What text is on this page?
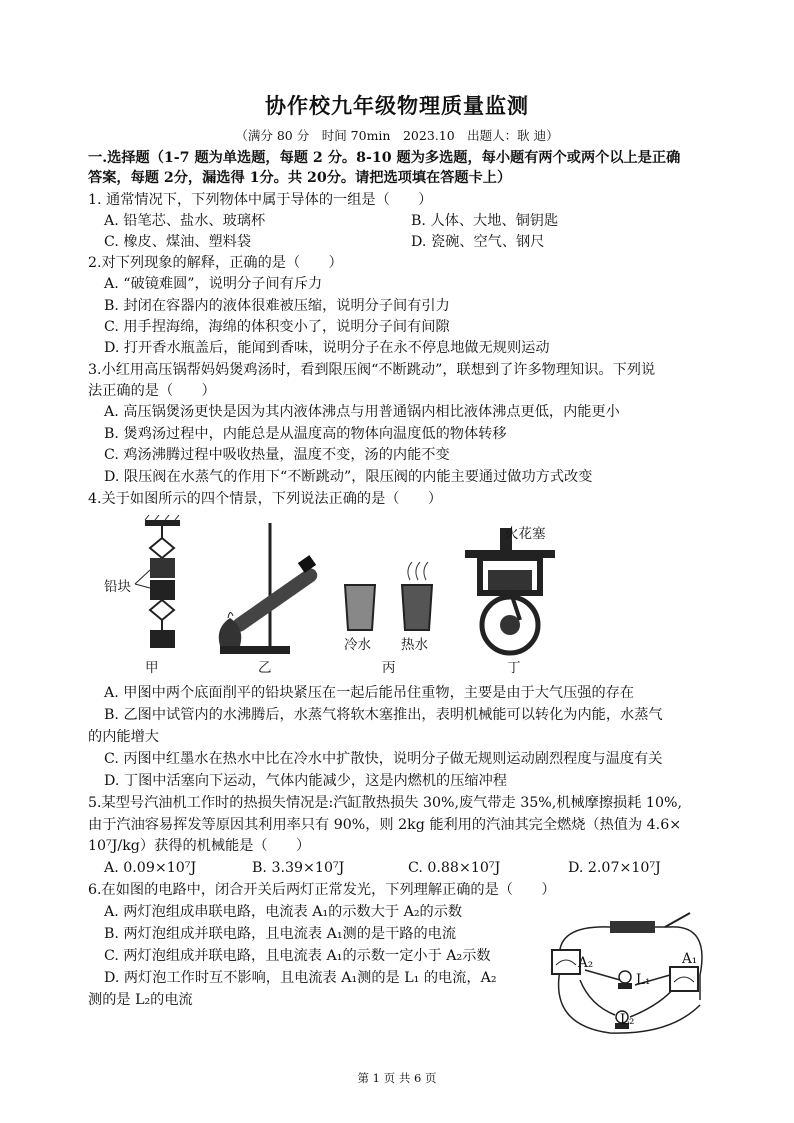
协作校九年级物理质量监测
（满分 80 分　时间 70min　2023.10　出题人：耿 迪）
一.选择题（1-7 题为单选题，每题 2 分。8-10 题为多选题，每小题有两个或两个以上是正确
答案，每题 2分，漏选得 1分。共 20分。请把选项填在答题卡上）
1. 通常情况下，下列物体中属于导体的一组是（　　）
A. 铅笔芯、盐水、玻璃杯	B. 人体、大地、铜钥匙
C. 橡皮、煤油、塑料袋	D. 瓷碗、空气、钢尺
2.对下列现象的解释，正确的是（　　）
A. “破镜难圆”，说明分子间有斥力
B. 封闭在容器内的液体很难被压缩，说明分子间有引力
C. 用手捏海绵，海绵的体积变小了，说明分子间有间隙
D. 打开香水瓶盖后，能闻到香味，说明分子在永不停息地做无规则运动
3.小红用高压锅帮妈妈煲鸡汤时，看到限压阀“不断跳动”，联想到了许多物理知识。下列说
法正确的是（　　）
A. 高压锅煲汤更快是因为其内液体沸点与用普通锅内相比液体沸点更低，内能更小
B. 煲鸡汤过程中，内能总是从温度高的物体向温度低的物体转移
C. 鸡汤沸腾过程中吸收热量，温度不变，汤的内能不变
D. 限压阀在水蒸气的作用下“不断跳动”，限压阀的内能主要通过做功方式改变
4.关于如图所示的四个情景，下列说法正确的是（　　）
铅块
甲	乙
冷水 热水
丙
火花塞
丁
A. 甲图中两个底面削平的铅块紧压在一起后能吊住重物，主要是由于大气压强的存在
B. 乙图中试管内的水沸腾后，水蒸气将软木塞推出，表明机械能可以转化为内能，水蒸气
的内能增大
C. 丙图中红墨水在热水中比在冷水中扩散快，说明分子做无规则运动剧烈程度与温度有关
D. 丁图中活塞向下运动，气体内能减少，这是内燃机的压缩冲程
5.某型号汽油机工作时的热损失情况是:汽缸散热损失 30%,废气带走 35%,机械摩擦损耗 10%,
由于汽油容易挥发等原因其利用率只有 90%，则 2kg 能利用的汽油其完全燃烧（热值为 4.6×
10⁷J/kg）获得的机械能是（　　）
A. 0.09×10⁷J	B. 3.39×10⁷J	C. 0.88×10⁷J	D. 2.07×10⁷J
6.在如图的电路中，闭合开关后两灯正常发光，下列理解正确的是（　　）
A. 两灯泡组成串联电路，电流表 A₁的示数大于 A₂的示数
B. 两灯泡组成并联电路，且电流表 A₁测的是干路的电流
C. 两灯泡组成并联电路，且电流表 A₁的示数一定小于 A₂示数
D. 两灯泡工作时互不影响，且电流表 A₁测的是 L₁ 的电流，A₂
测的是 L₂的电流
A₂	A₁
L₁
L₂
第 1 页 共 6 页
